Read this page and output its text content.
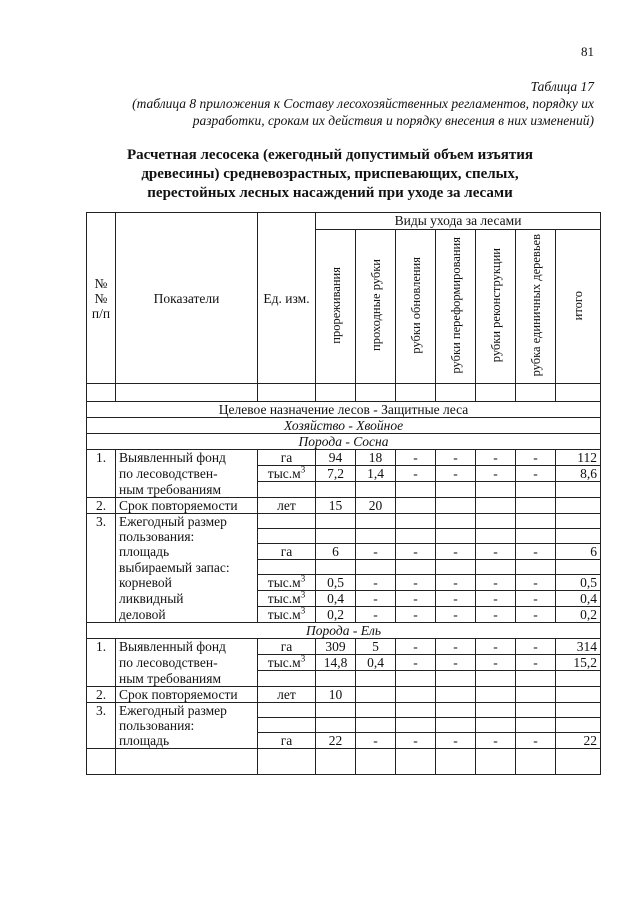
81
Таблица 17
(таблица 8 приложения к Составу лесохозяйственных регламентов, порядку их разработки, срокам их действия и порядку внесения в них изменений)
Расчетная лесосека (ежегодный допустимый объем изъятия древесины) средневозрастных, приспевающих, спелых, перестойных лесных насаждений при уходе за лесами
№№ п/п	Показатели	Ед. изм.	Виды ухода за лесами						
			прореживания	проходные рубки	рубки обновления	рубки переформирования	рубки реконструкции	рубка единичных деревьев	итого

Целевое назначение лесов - Защитные леса									
Хозяйство - Хвойное									
Порода - Сосна									
1.	Выявленный фонд	га	94	18	-	-	-	-	112
	по лесоводствен-	$тыс.м^3$	7,2	1,4	-	-	-	-	8,6
	ным требованиям								
2.	Срок повторяемости	лет	15	20					
3.	Ежегодный размер								
	пользования:								
	площадь	га	6	-	-	-	-	-	6
	выбираемый запас:								
	корневой	$тыс.м^3$	0,5	-	-	-	-	-	0,5
	ликвидный	$тыс.м^3$	0,4	-	-	-	-	-	0,4
	деловой	$тыс.м^3$	0,2	-	-	-	-	-	0,2
Порода - Ель									
1.	Выявленный фонд	га	309	5	-	-	-	-	314
	по лесоводствен-	$тыс.м^3$	14,8	0,4	-	-	-	-	15,2
	ным требованиям								
2.	Срок повторяемости	лет	10						
3.	Ежегодный размер								
	пользования:								
	площадь	га	22	-	-	-	-	-	22
